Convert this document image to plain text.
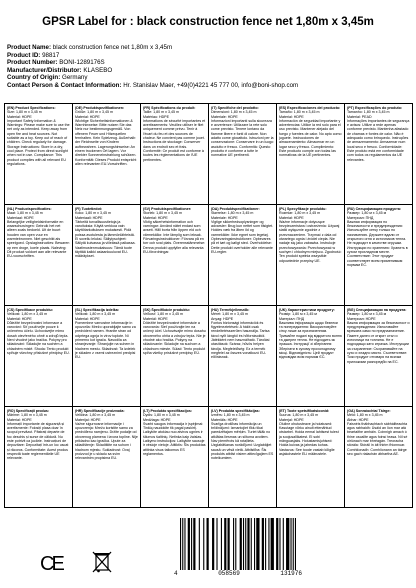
GPSR Label for : black construction fence net 1,80m x 3,45m
Product Name: black construction fence net 1,80m x 3,45m
Product ID: 98817
Product Number: BONI-1289176S
Manufacturer/Distributor: KLASEBO
Country of Origin: Germany
Contact Person & Contact Information: Hr. Stanislav Maer, +49(0)4221 45 777 00, info@boni-shop.com
(EN) Product Specifications:
Size: 1,80 m x 3,45 m
Material: HDPE
Important Safety Information & Warnings: Please make sure to use the net only as intended. Keep away from open fire and heat sources. Not suitable as a toy. Keep out of reach of children. Check regularly for damage. Storage Instructions: Store in a dry, cool place. Protect from direct sunlight when not in use. Compliance: This product complies with all relevant EU regulations.
(DE) Produktspezifikationen:
Größe: 1,80 m x 3,45 m
Material: HDPE
Wichtige Sicherheitsinformationen & Warnhinweise: Bitte nutzen Sie das Netz nur bestimmungsgemäß. Von offenem Feuer und Hitzequellen fernhalten. Kein Spielzeug. Außerhalb der Reichweite von Kindern aufbewahren. Lagerungshinweise: An einem trockenen Ort lagern. Vor direkter Sonneneinstrahlung schützen. Konformität: Dieses Produkt entspricht allen relevanten EU-Vorschriften.
(FR) Spécifications du produit:
Taille: 1,80 m x 3,45 m
Matériau: HDPE
Informations de sécurité importantes et avertissements: Veuillez utiliser le filet uniquement comme prévu. Tenir à l'écart du feu et des sources de chaleur. Ne convient pas comme jouet. Instructions de stockage: Conserver dans un endroit sec et frais. Conformité: Ce produit est conforme à toutes les réglementations de l'UE pertinentes.
(IT) Specifiche del prodotto:
Dimensioni: 1,80 m x 3,45 m
Materiale: HDPE
Informazioni importanti sulla sicurezza e avvertenze: Utilizzare la rete solo come previsto. Tenere lontano da fiamme libere e fonti di calore. Non adatto come giocattolo. Istruzioni per la conservazione: Conservare in un luogo asciutto e fresco. Conformità: Questo prodotto è conforme a tutte le normative UE pertinenti.
(ES) Especificaciones del producto:
Tamaño: 1,80 m x 3,45 m
Material: HDPE
Información de seguridad importante y advertencias: Utilice la red solo para el uso previsto. Mantener alejado del fuego y fuentes de calor. No apto como juguete. Instrucciones de almacenamiento: Almacenar en un lugar seco y fresco. Cumplimiento: Este producto cumple con todas las normativas de la UE pertinentes.
(PT) Especificações do produto:
Tamanho: 1,80 m x 3,45 m
Material: PEAD
Informações importantes de segurança e avisos: Utilize a rede apenas conforme previsto. Mantenha afastado de chamas e fontes de calor. Não é adequado como brinquedo. Instruções de armazenamento: Armazenar num local seco e fresco. Conformidade: Este produto está em conformidade com todos os regulamentos da UE relevantes.
(NL) Productspecificaties:
Maat: 1,80 m x 3,45 m
Materiaal: HDPE
Belangrijke veiligheidsinformatie en waarschuwingen: Gebruik het net alleen zoals bedoeld. Uit de buurt houden van open vuur en warmtebronnen. Niet geschikt als speelgoed. Opslaginstructies: Bewaren op een droge, koele plaats. Naleving: Dit product voldoet aan alle relevante EU-voorschriften.
(FI) Tuotetiedot:
Koko: 1,80 m x 3,45 m
Materiaali: HDPE
Tärkeitä turvallisuustietoja ja varoituksia: Käytä verkkoa vain käyttötarkoituksen mukaisesti. Pidä poissa avotulesta ja lämmönlähteistä. Ei sovellu leluksi. Säilytysohjeet: Säilytä kuivassa ja viileässä paikassa. Vaatimustenmukaisuus: Tämä tuote täyttää kaikki asiaankuuluvat EU-määräykset.
(SV) Produktspecifikationer:
Storlek: 1,80 m x 3,45 m
Material: HDPE
Viktig säkerhetsinformation och varningar: Använd nätet endast som avsett. Håll borta från öppen eld och värmekällor. Inte lämplig som leksak. Förvaringsinstruktioner: Förvara på en torr och sval plats. Överensstämmelse: Denna produkt uppfyller alla relevanta EU-förordningar.
(DA) Produktspecifikationer:
Størrelse: 1,80 m x 3,45 m
Materiale: HDPE
Vigtige sikkerhedsoplysninger og advarsler: Brug kun nettet som tilsigtet. Holdes væk fra åben ild og varmekilder. Ikke egnet som legetøj. Opbevaringsinstruktioner: Opbevares på et tørt og køligt sted. Overholdelse: Dette produkt overholder alle relevante EU-regler.
(PL) Specyfikacje produktu:
Rozmiar: 1,80 m x 3,45 m
Materiał: HDPE
Ważne informacje dotyczące bezpieczeństwa i ostrzeżenia: Używaj siatki wyłącznie zgodnie z przeznaczeniem. Trzymać z dala od otwartego ognia i źródeł ciepła. Nie nadaje się jako zabawka. Instrukcje przechowywania: Przechowywać w suchym i chłodnym miejscu. Zgodność: Ten produkt spełnia wszystkie odpowiednie przepisy UE.
(RU) Спецификация продукта:
Размер: 1,80 м x 3,45 м
Материал: ПНД
Важная информация по безопасности и предупреждения: Используйте сетку только по назначению. Держите вдали от открытого огня и источников тепла. Не подходит в качестве игрушки. Инструкции по хранению: Хранить в сухом прохладном месте. Соответствие: Этот продукт соответствует всем применимым нормам ЕС.
(CS) Specifikace produktu:
Velikost: 1,80 m x 3,45 m
Materiál: HDPE
Důležité bezpečnostní informace a varování: Síť používejte pouze k určenému účelu. Uchovávejte mimo dosah otevřeného ohně a zdrojů tepla. Není vhodné jako hračka. Pokyny pro skladování: Skladujte na suchém a chladném místě. Shoda: Tento produkt splňuje všechny příslušné předpisy EU.
(SL) Specifikacija izdelka:
Velikost: 1,80 m x 3,45 m
Material: HDPE
Pomembne varnostne informacije in opozorila: Mrežo uporabljajte samo za predvideni namen. Hranite stran od odprtega ognja in virov toplote. Ni primerno kot igrača. Navodila za shranjevanje: Shranjujte na suhem in hladnem mestu. Skladnost: Ta izdelek je skladen z vsemi ustreznimi predpisi EU.
(SK) Špecifikácie produktu:
Veľkosť: 1,80 m x 3,45 m
Materiál: HDPE
Dôležité bezpečnostné informácie a varovania: Sieť používajte len na určený účel. Uchovávajte mimo dosahu otvoreného ohňa a zdrojov tepla. Nie je vhodné ako hračka. Pokyny na skladovanie: Skladujte na suchom a chladnom mieste. Súlad: Tento produkt spĺňa všetky príslušné predpisy EÚ.
(HU) Termékjellemzők:
Méret: 1,80 m x 3,45 m
Anyag: HDPE
Fontos biztonsági információk és figyelmeztetések: A hálót csak rendeltetésszerűen használja. Tartsa távol nyílt lángtól és hőforrásoktól. Játékként nem használható. Tárolási utasítások: Száraz, hűvös helyen tárolja. Megfelelőség: Ez a termék megfelel az összes vonatkozó EU-előírásnak.
(UK) Характеристики продукту:
Розмір: 1,80 м x 3,45 м
Матеріал: ПНД
Важлива інформація щодо безпеки та попередження: Використовуйте сітку лише за призначенням. Тримайте подалі від відкритого вогню та джерел тепла. Не підходить як іграшка. Інструкції зі зберігання: Зберігати в сухому прохолодному місці. Відповідність: Цей продукт відповідає всім нормам ЄС.
(BG) Спецификации на продукта:
Размер: 1,80 м x 3,45 м
Материал: HDPE
Важна информация за безопасност и предупреждения: Използвайте мрежата само по предназначение. Пазете далеч от открит огън и източници на топлина. Не е подходящо като играчка. Инструкции за съхранение: Съхранявайте на сухо и хладно място. Съответствие: Този продукт отговаря на всички приложими разпоредби на ЕС.
(RO) Specificații produs:
Mărime: 1,80 m x 3,45 m
Material: HDPE
Informații importante de siguranță și avertismente: Folosiți plasa doar în scopul prevăzut. Păstrați departe de foc deschis și surse de căldură. Nu este potrivit ca jucărie. Instrucțiuni de depozitare: Depozitați într-un loc uscat și răcoros. Conformitate: Acest produs respectă toate reglementările UE relevante.
(HR) Specifikacije proizvoda:
Veličina: 1,80 m x 3,45 m
Materijal: HDPE
Važne sigurnosne informacije i upozorenja: Mrežu koristite samo za predviđenu namjenu. Držite podalje od otvorenog plamena i izvora topline. Nije prikladno kao igračka. Upute za skladištenje: Skladištite na suhom i hladnom mjestu. Sukladnost: Ovaj proizvod je u skladu sa svim relevantnim propisima EU.
(LT) Produkto specifikacijos:
Dydis: 1,80 m x 3,45 m
Medžiaga: HDPE
Svarbi saugos informacija ir įspėjimai: Tinklą naudokite tik pagal paskirtį. Laikykite atokiau nuo atviros ugnies ir šilumos šaltinių. Netinka kaip žaislas. Laikymo instrukcijos: Laikykite sausoje ir vėsioje vietoje. Atitiktis: Šis produktas atitinka visus taikomus ES reglamentus.
(LV) Produkta specifikācijas:
Izmērs: 1,80 m x 3,45 m
Materiāls: HDPE
Svarīga drošības informācija un brīdinājumi: Izmantojiet tīklu tikai paredzētajam mērķim. Turiet tālāk no atklātas liesmas un siltuma avotiem. Nav piemērots kā rotaļlieta. Uzglabāšanas norādījumi: Uzglabājiet sausā un vēsā vietā. Atbilstība: Šis produkts atbilst visiem attiecīgajiem ES noteikumiem.
(ET) Toote spetsifikatsioonid:
Suurus: 1,80 m x 3,45 m
Materjal: HDPE
Oluline ohutusteave ja hoiatused: Kasutage võrku ainult ettenähtud otstarbel. Hoida eemal lahtisest tulest ja soojusallikatest. Ei sobi mänguasjaks. Hoiustamisjuhised: Hoida kuivas ja jahedas kohas. Vastavus: See toode vastab kõigile asjakohastele ELi määrustele.
(GA) Sonraíochtaí Táirge:
Méid: 1,80 m x 3,45 m
Ábhar: HDPE
Faisnéis thábhachtach sábháilteachta agus rabhaidh: Úsáid an líon mar atá beartaithe amháin. Coinnigh amach ó thine oscailte agus foinsí teasa. Níl sé oiriúnach mar bhréagán. Treoracha stórála: Stóráil in áit thirim fhionnuar. Comhlíonadh: Comhlíonann an táirge seo gach rialachán ábhartha AE.
CE	4	058569	131976
